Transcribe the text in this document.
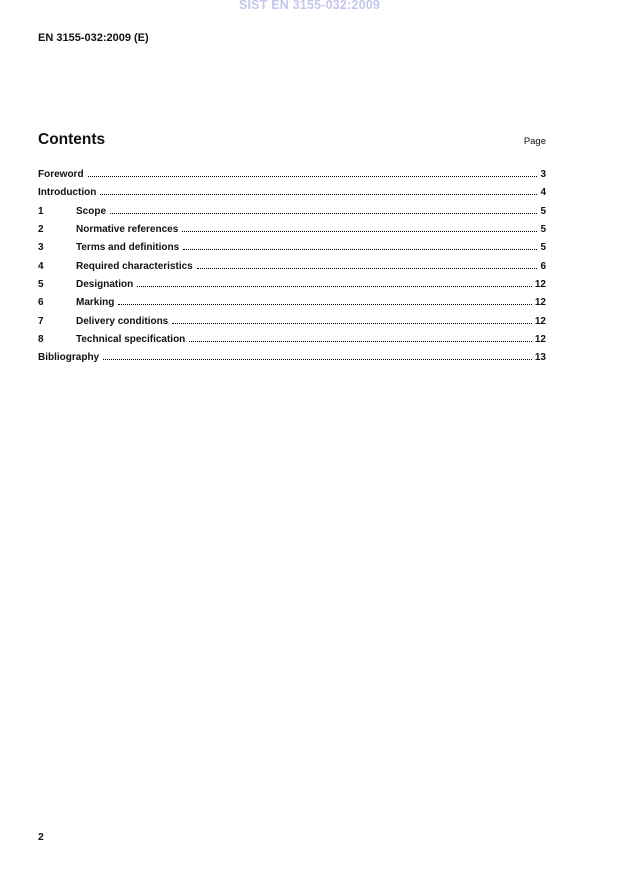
SIST EN 3155-032:2009
EN 3155-032:2009 (E)
Contents	Page
Foreword	3
Introduction	4
1	Scope	5
2	Normative references	5
3	Terms and definitions	5
4	Required characteristics	6
5	Designation	12
6	Marking	12
7	Delivery conditions	12
8	Technical specification	12
Bibliography	13
2
